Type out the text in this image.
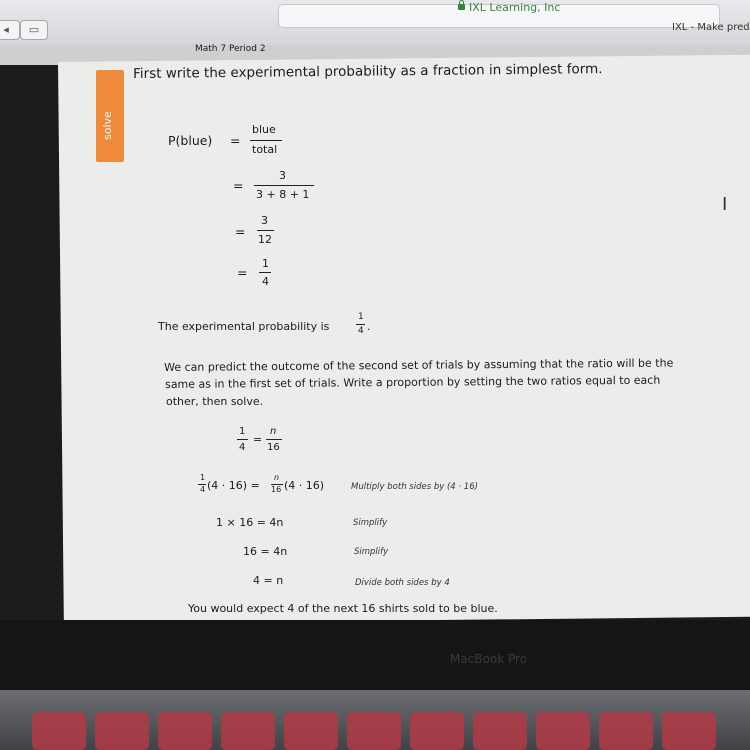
◂	▭
IXL Learning, Inc
IXL - Make pred
Math 7 Period 2
solve
First write the experimental probability as a fraction in simplest form.
P(blue) =
blue
total
=
3
3 + 8 + 1
=
3
12
=
1
4
The experimental probability is
1
4 .
We can predict the outcome of the second set of trials by assuming that the ratio will be the
same as in the first set of trials. Write a proportion by setting the two ratios equal to each
other, then solve.
1
4
=
n
16
1
4 (4 · 16) =
n
16 (4 · 16)	Multiply both sides by (4 · 16)
1 × 16 = 4n	Simplify
16 = 4n	Simplify
4 = n	Divide both sides by 4
You would expect 4 of the next 16 shirts sold to be blue.
I
MacBook Pro
